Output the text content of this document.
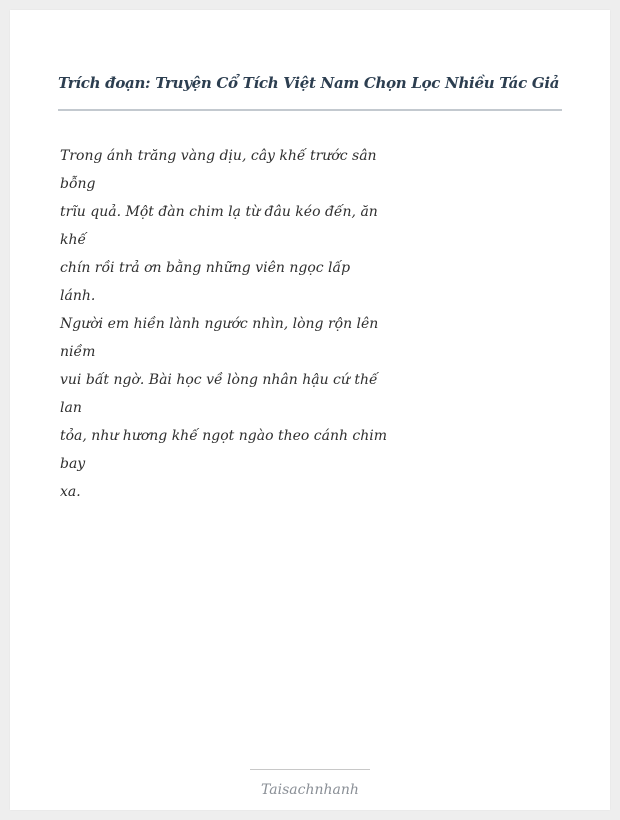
Trích đoạn: Truyện Cổ Tích Việt Nam Chọn Lọc Nhiều Tác Giả
Trong ánh trăng vàng dịu, cây khế trước sân
bỗng
trĩu quả. Một đàn chim lạ từ đâu kéo đến, ăn
khế
chín rồi trả ơn bằng những viên ngọc lấp
lánh.
Người em hiền lành ngước nhìn, lòng rộn lên
niềm
vui bất ngờ. Bài học về lòng nhân hậu cứ thế
lan
tỏa, như hương khế ngọt ngào theo cánh chim
bay
xa.
Taisachnhanh
